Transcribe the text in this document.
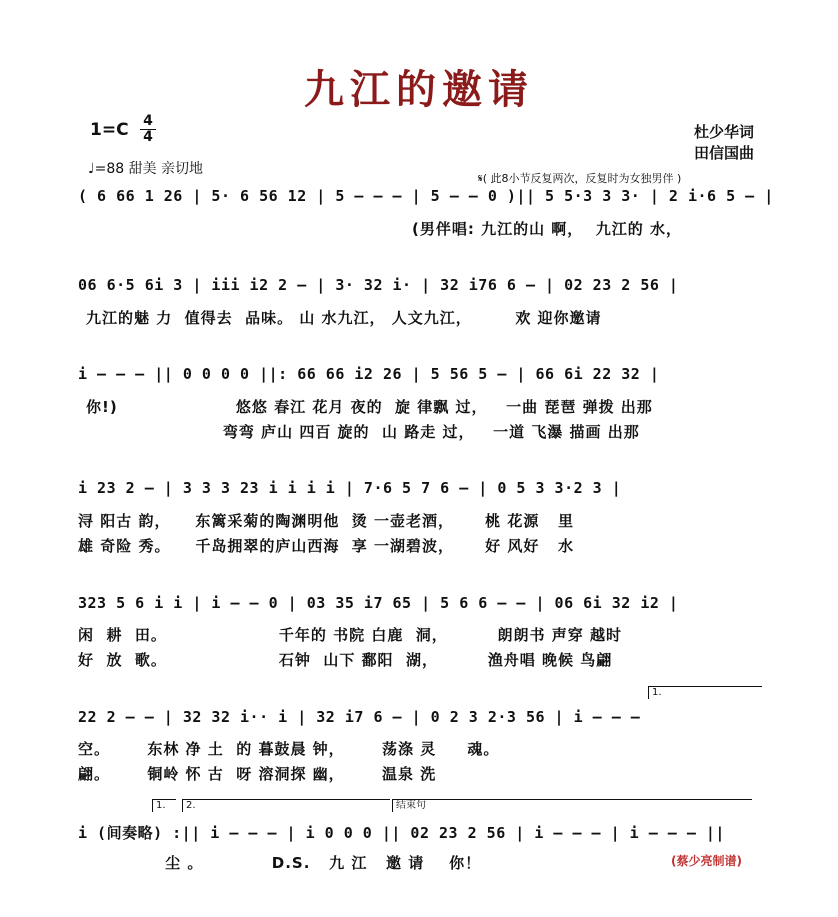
九江的邀请
1=C 4
4
♩=88 甜美 亲切地
杜少华词
田信国曲
𝄋( 此8小节反复两次，反复时为女独男伴 )
( 6 66 1 26 | 5· 6 56 12 | 5 — — — | 5 — — 0 )|| 5 5·3 3 3· | 2 i·6 5 — |
(男伴唱: 九江的山 啊，  九江的 水，
06 6·5 6i 3 | iii i2 2 — | 3· 32 i· | 32 i76 6 — | 02 23 2 56 |
九江的魅 力  值得去  品味。 山 水九江， 人文九江，       欢 迎你邀请
i — — — || 0 0 0 0 ||: 66 66 i2 26 | 5 56 5 — | 66 6i 22 32 |
你!)                   悠悠 春江 花月 夜的  旋 律飘 过，   一曲 琵琶 弹拨 出那
弯弯 庐山 四百 旋的  山 路走 过，   一道 飞瀑 描画 出那
i 23 2 — | 3 3 3 23 i i i i | 7·6 5 7 6 — | 0 5 3 3·2 3 |
浔 阳古 韵，    东篱采菊的陶渊明他  烫 一壶老酒，     桃 花源   里
雄 奇险 秀。    千岛拥翠的庐山西海  享 一湖碧波，     好 风好   水
323 5 6 i i | i — — 0 | 03 35 i7 65 | 5 6 6 — — | 06 6i 32 i2 |
闲  耕  田。                  千年的 书院 白鹿  洞，        朗朗书 声穿 越时
好  放  歌。                  石钟  山下 鄱阳  湖，        渔舟唱 晚候 鸟翩
1.
22 2 — — | 32 32 i·· i | 32 i7 6 — | 0 2 3 2·3 56 | i — — —
空。      东林 净 土  的 暮鼓晨 钟，      荡涤 灵     魂。
翩。      铜岭 怀 古  呀 溶洞探 幽，      温泉 洗
1.	2.	结束句
i (间奏略) :|| i — — — | i 0 0 0 || 02 23 2 56 | i — — — | i — — — ||
尘 。           D.S.   九 江   邀 请    你！	(蔡少亮制谱)
